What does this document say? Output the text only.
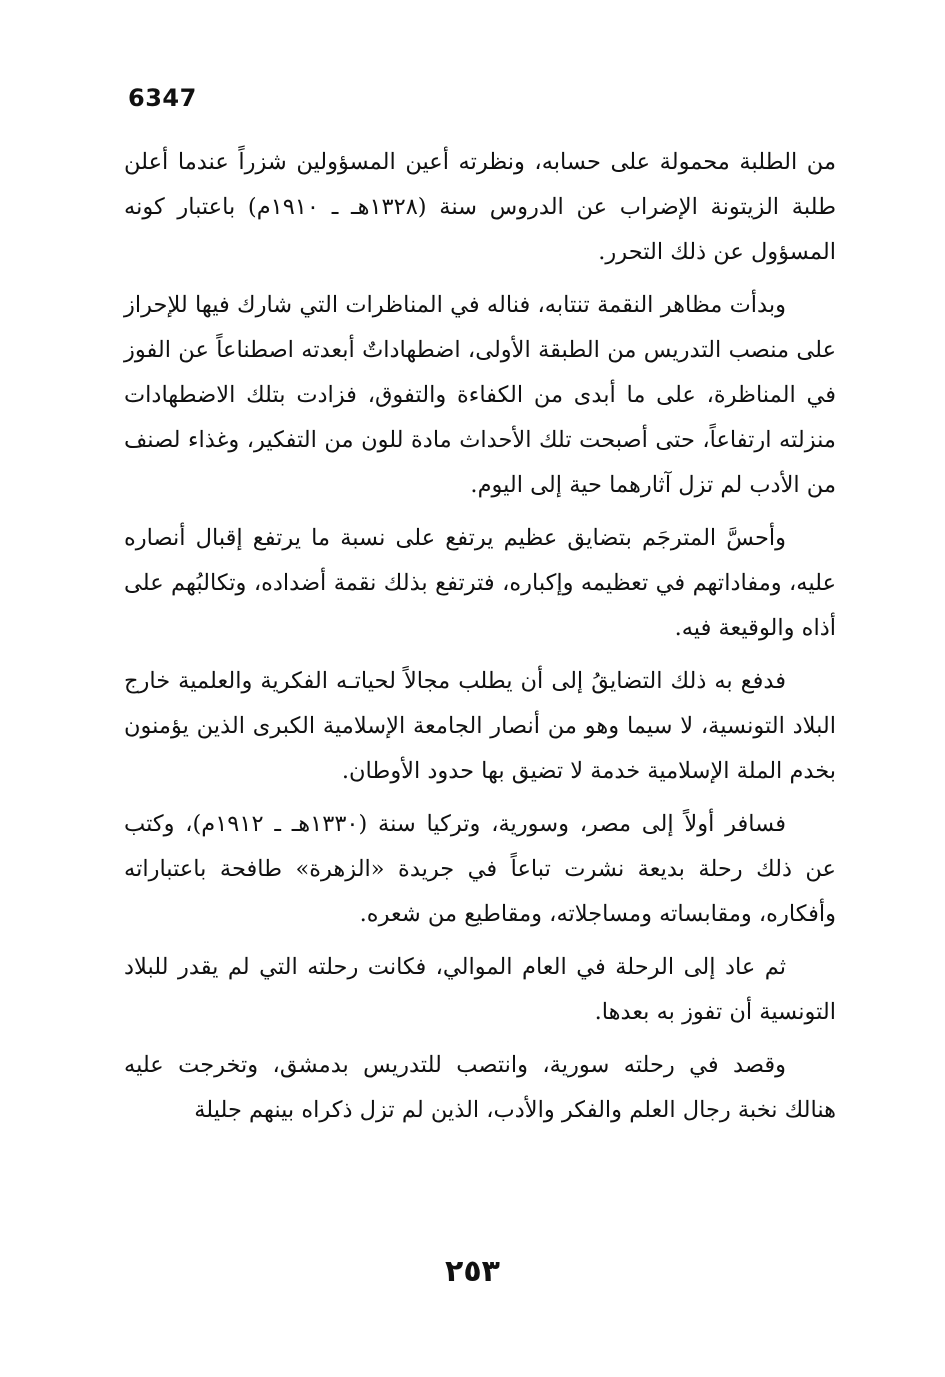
6347

من الطلبة محمولة على حسابه، ونظرته أعين المسؤولين شزراً عندما أعلن طلبة الزيتونة الإضراب عن الدروس سنة (١٣٢٨هـ ـ ١٩١٠م) باعتبار كونه المسؤول عن ذلك التحرر.

وبدأت مظاهر النقمة تنتابه، فناله في المناظرات التي شارك فيها للإحراز على منصب التدريس من الطبقة الأولى، اضطهاداتٌ أبعدته اصطناعاً عن الفوز في المناظرة، على ما أبدى من الكفاءة والتفوق، فزادت بتلك الاضطهادات منزلته ارتفاعاً، حتى أصبحت تلك الأحداث مادة للون من التفكير، وغذاء لصنف من الأدب لم تزل آثارهما حية إلى اليوم.

وأحسَّ المترجَم بتضايق عظيم يرتفع على نسبة ما يرتفع إقبال أنصاره عليه، ومفاداتهم في تعظيمه وإكباره، فترتفع بذلك نقمة أضداده، وتكالبُهم على أذاه والوقيعة فيه.

فدفع به ذلك التضايقُ إلى أن يطلب مجالاً لحياتـه الفكرية والعلمية خارج البلاد التونسية، لا سيما وهو من أنصار الجامعة الإسلامية الكبرى الذين يؤمنون بخدم الملة الإسلامية خدمة لا تضيق بها حدود الأوطان.

فسافر أولاً إلى مصر، وسورية، وتركيا سنة (١٣٣٠هـ ـ ١٩١٢م)، وكتب عن ذلك رحلة بديعة نشرت تباعاً في جريدة «الزهرة» طافحة باعتباراته وأفكاره، ومقابساته ومساجلاته، ومقاطيع من شعره.

ثم عاد إلى الرحلة في العام الموالي، فكانت رحلته التي لم يقدر للبلاد التونسية أن تفوز به بعدها.

وقصد في رحلته سورية، وانتصب للتدريس بدمشق، وتخرجت عليه هنالك نخبة رجال العلم والفكر والأدب، الذين لم تزل ذكراه بينهم جليلة

٢٥٣
